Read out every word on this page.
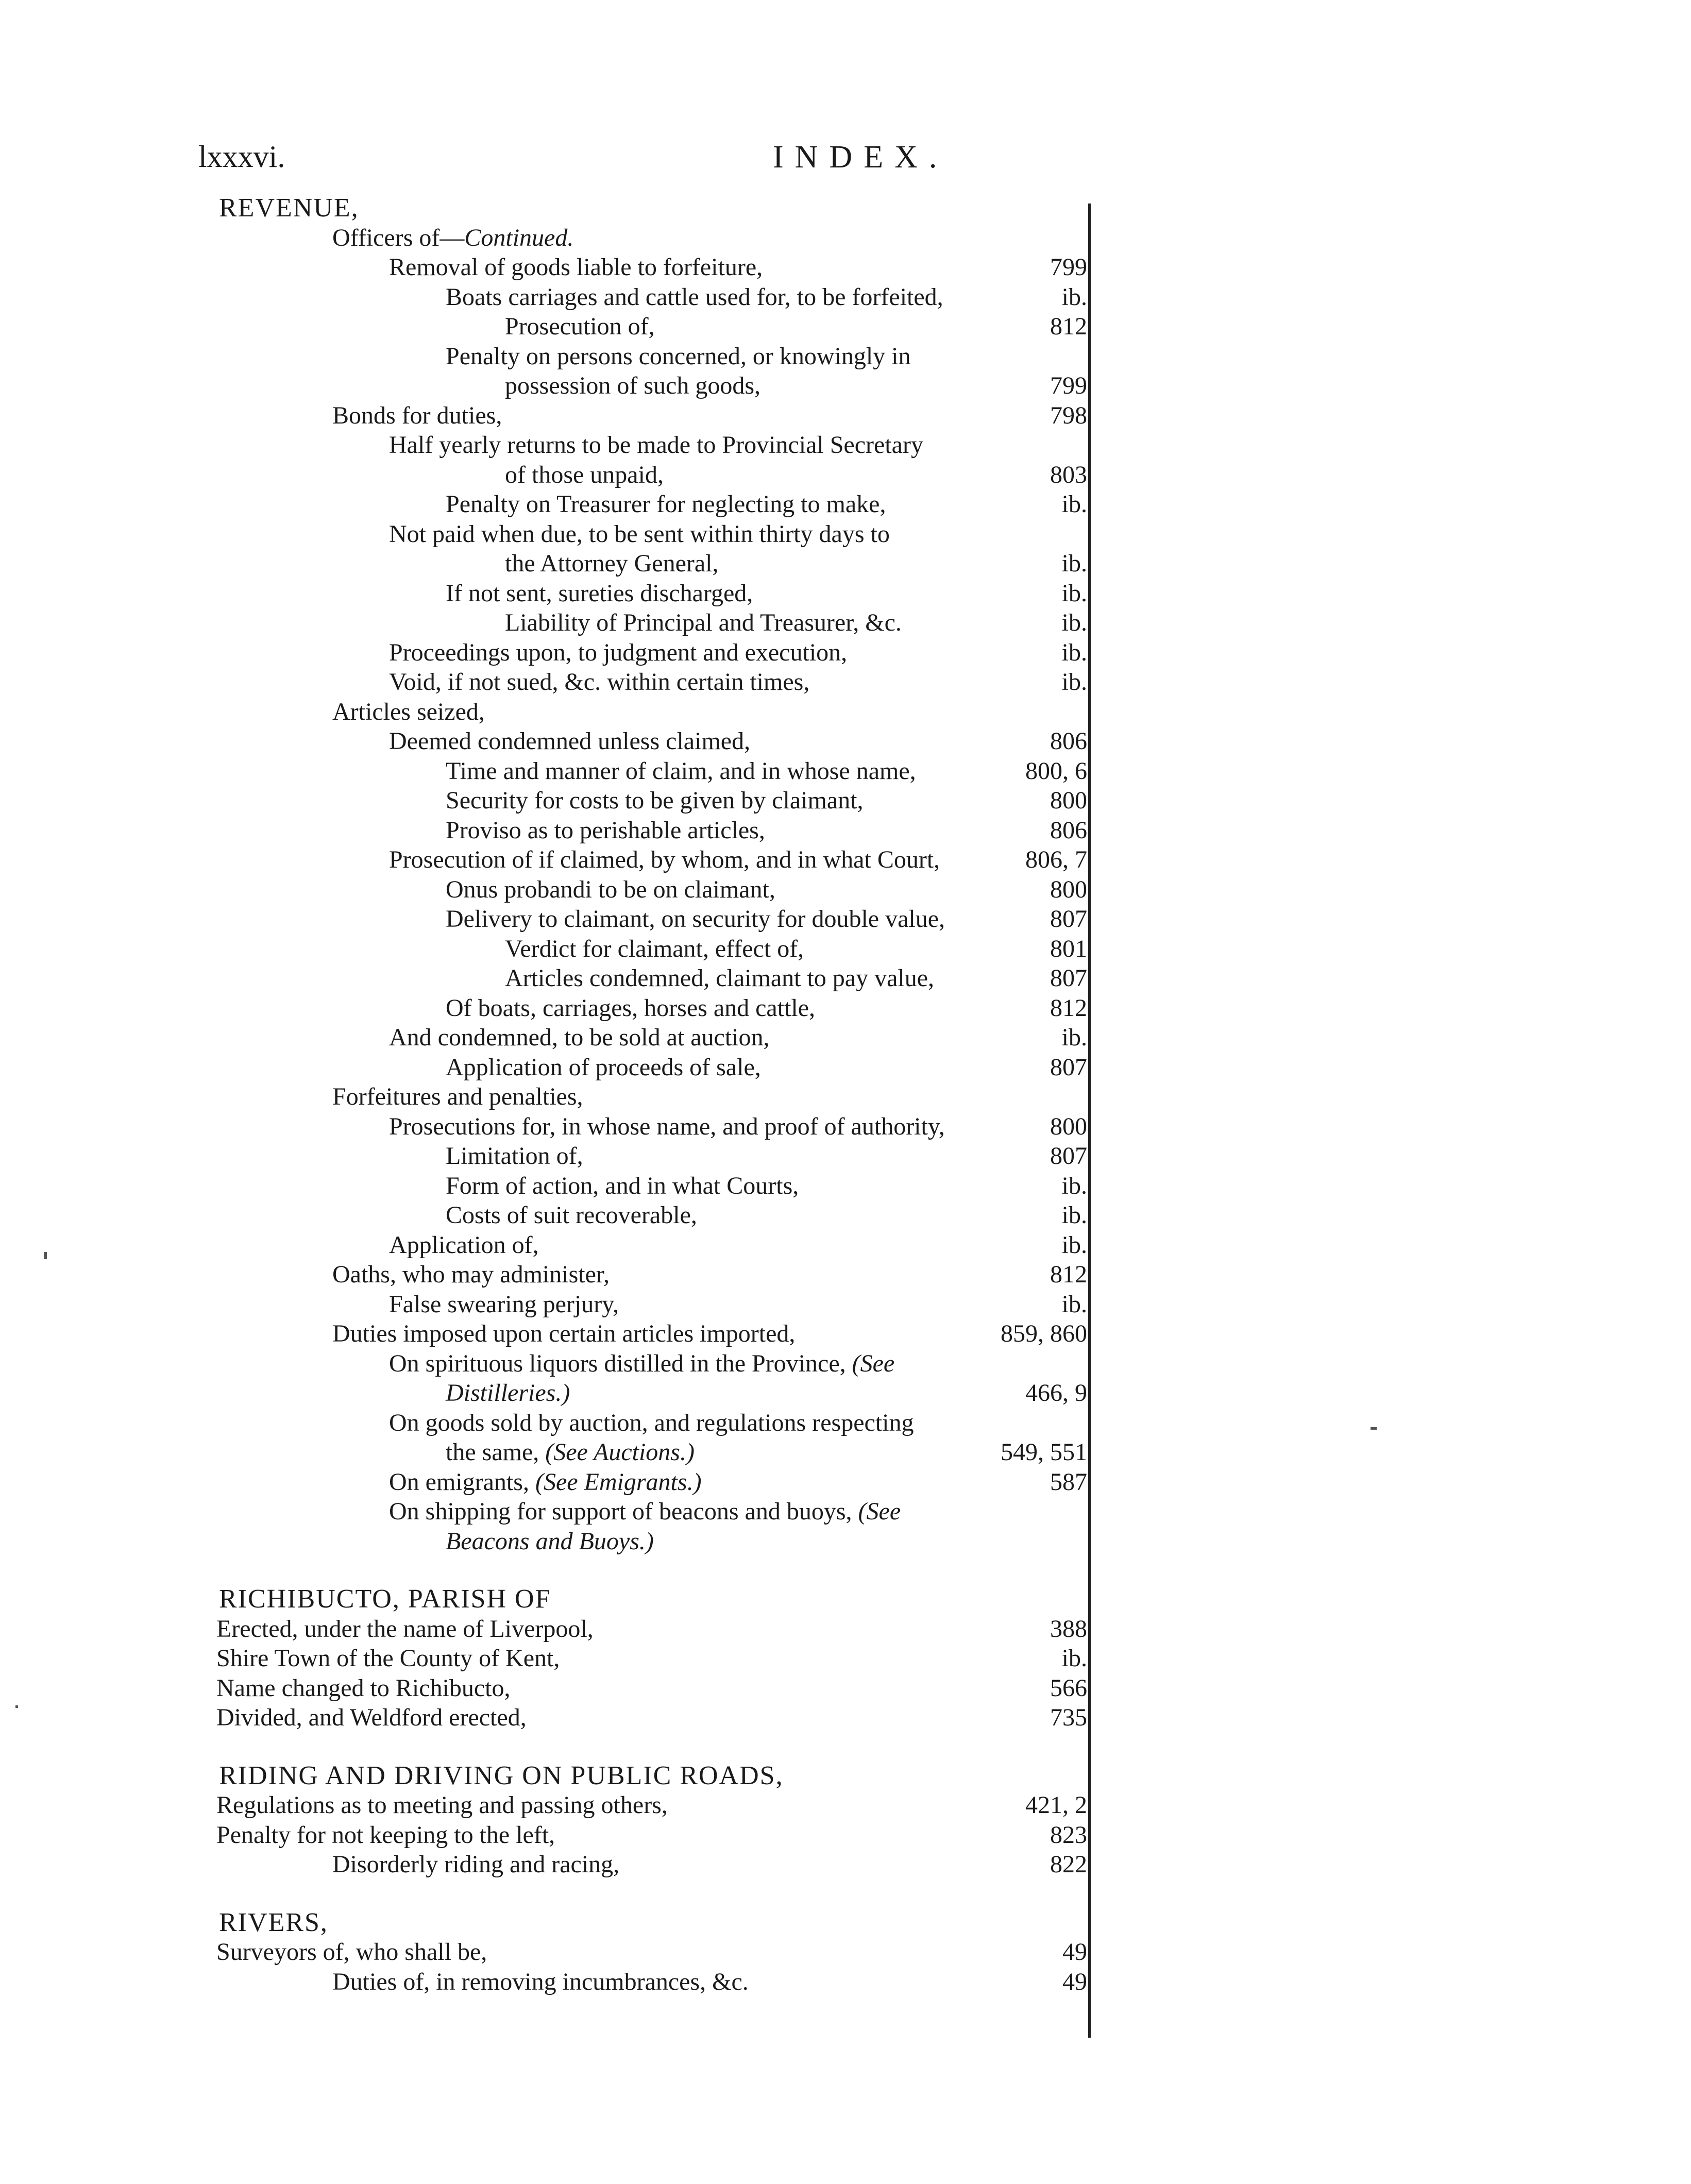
lxxxvi.	INDEX.
REVENUE,
Officers of—Continued.
Removal of goods liable to forfeiture,	799
Boats carriages and cattle used for, to be forfeited,	ib.
Prosecution of,	812
Penalty on persons concerned, or knowingly in
possession of such goods,	799
Bonds for duties,	798
Half yearly returns to be made to Provincial Secretary
of those unpaid,	803
Penalty on Treasurer for neglecting to make,	ib.
Not paid when due, to be sent within thirty days to
the Attorney General,	ib.
If not sent, sureties discharged,	ib.
Liability of Principal and Treasurer, &c.	ib.
Proceedings upon, to judgment and execution,	ib.
Void, if not sued, &c. within certain times,	ib.
Articles seized,
Deemed condemned unless claimed,	806
Time and manner of claim, and in whose name,	800, 6
Security for costs to be given by claimant,	800
Proviso as to perishable articles,	806
Prosecution of if claimed, by whom, and in what Court,	806, 7
Onus probandi to be on claimant,	800
Delivery to claimant, on security for double value,	807
Verdict for claimant, effect of,	801
Articles condemned, claimant to pay value,	807
Of boats, carriages, horses and cattle,	812
And condemned, to be sold at auction,	ib.
Application of proceeds of sale,	807
Forfeitures and penalties,
Prosecutions for, in whose name, and proof of authority,	800
Limitation of,	807
Form of action, and in what Courts,	ib.
Costs of suit recoverable,	ib.
Application of,	ib.
Oaths, who may administer,	812
False swearing perjury,	ib.
Duties imposed upon certain articles imported,	859, 860
On spirituous liquors distilled in the Province, (See
Distilleries.)	466, 9
On goods sold by auction, and regulations respecting
the same, (See Auctions.)	549, 551
On emigrants, (See Emigrants.)	587
On shipping for support of beacons and buoys, (See
Beacons and Buoys.)
RICHIBUCTO, PARISH OF
Erected, under the name of Liverpool,	388
Shire Town of the County of Kent,	ib.
Name changed to Richibucto,	566
Divided, and Weldford erected,	735
RIDING AND DRIVING ON PUBLIC ROADS,
Regulations as to meeting and passing others,	421, 2
Penalty for not keeping to the left,	823
Disorderly riding and racing,	822
RIVERS,
Surveyors of, who shall be,	49
Duties of, in removing incumbrances, &c.	49
